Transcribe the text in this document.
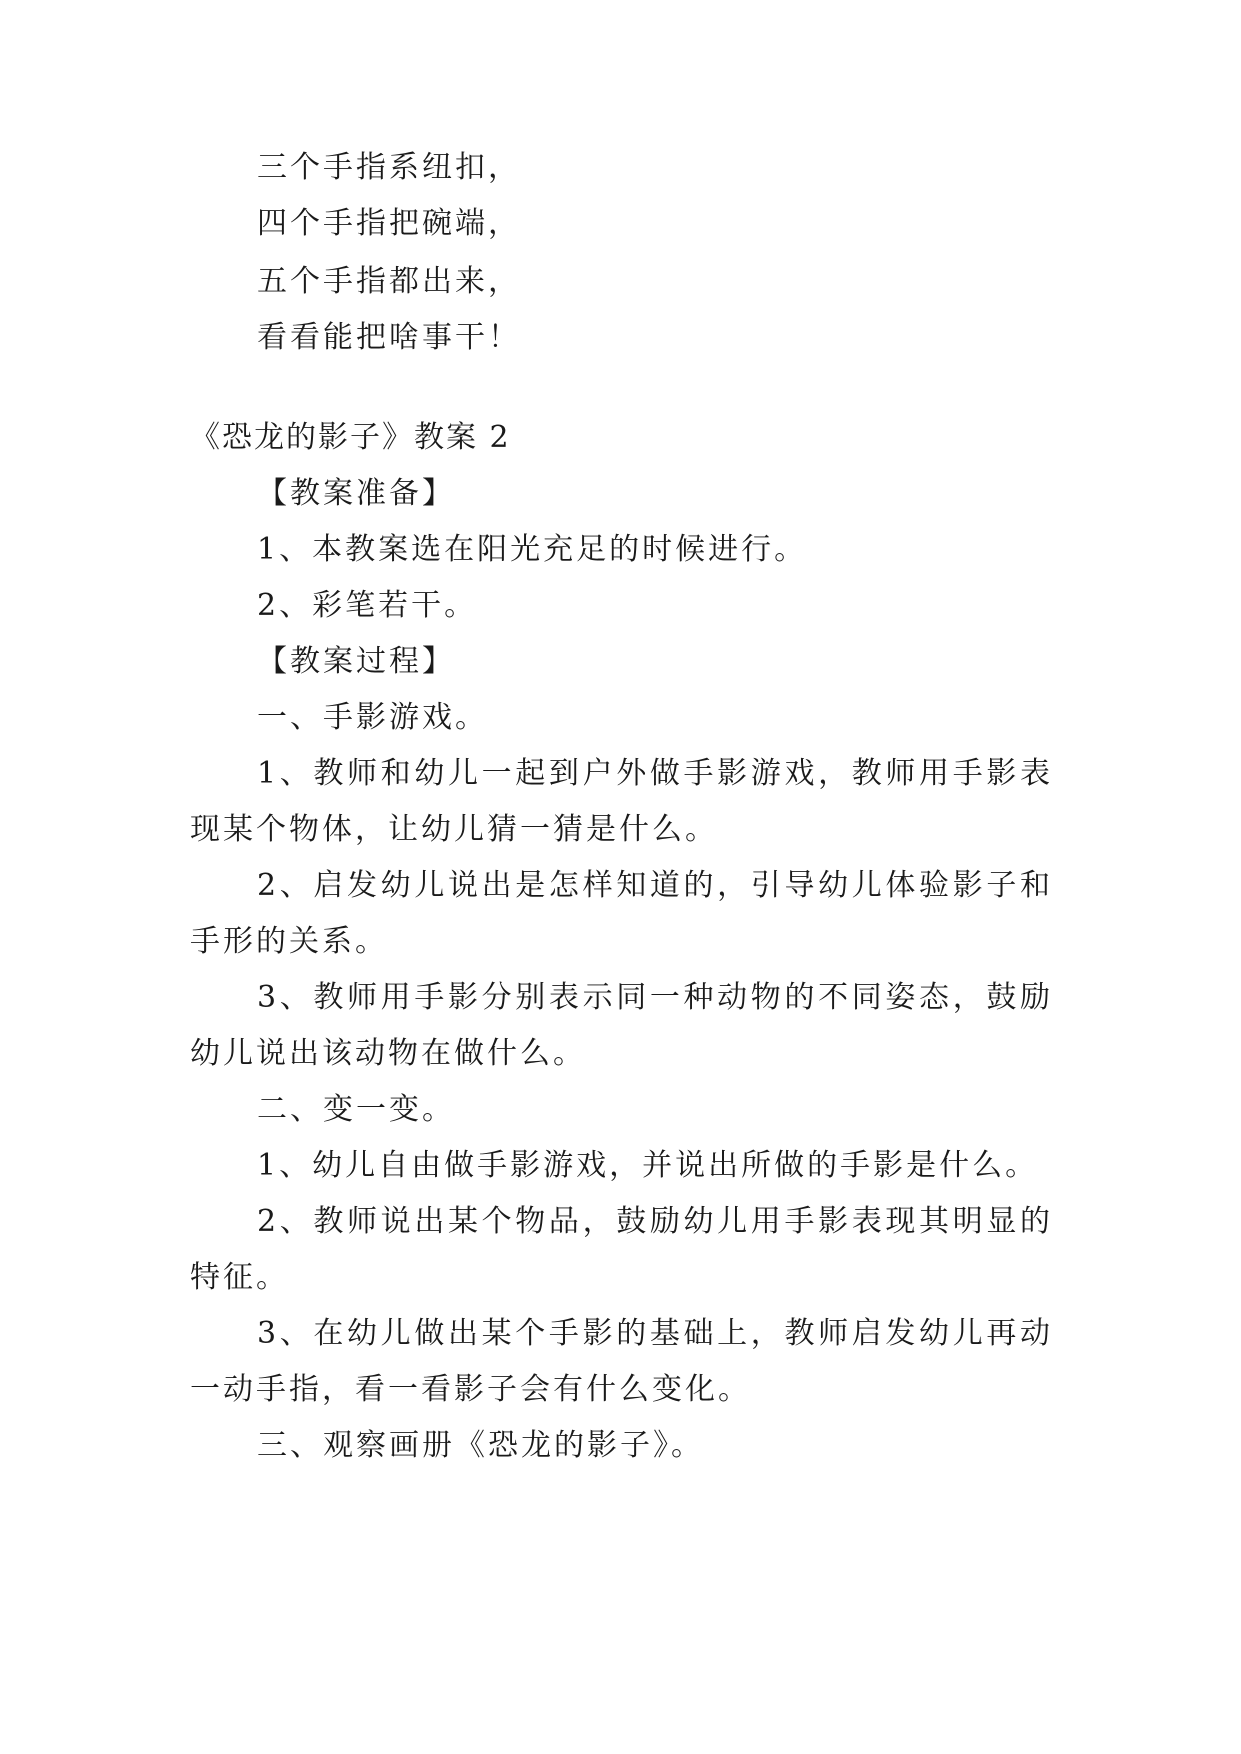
三个手指系纽扣，
四个手指把碗端，
五个手指都出来，
看看能把啥事干！
《恐龙的影子》教案 2
【教案准备】
1、本教案选在阳光充足的时候进行。
2、彩笔若干。
【教案过程】
一、手影游戏。
1、教师和幼儿一起到户外做手影游戏，教师用手影表
现某个物体，让幼儿猜一猜是什么。
2、启发幼儿说出是怎样知道的，引导幼儿体验影子和
手形的关系。
3、教师用手影分别表示同一种动物的不同姿态，鼓励
幼儿说出该动物在做什么。
二、变一变。
1、幼儿自由做手影游戏，并说出所做的手影是什么。
2、教师说出某个物品，鼓励幼儿用手影表现其明显的
特征。
3、在幼儿做出某个手影的基础上，教师启发幼儿再动
一动手指，看一看影子会有什么变化。
三、观察画册《恐龙的影子》。
